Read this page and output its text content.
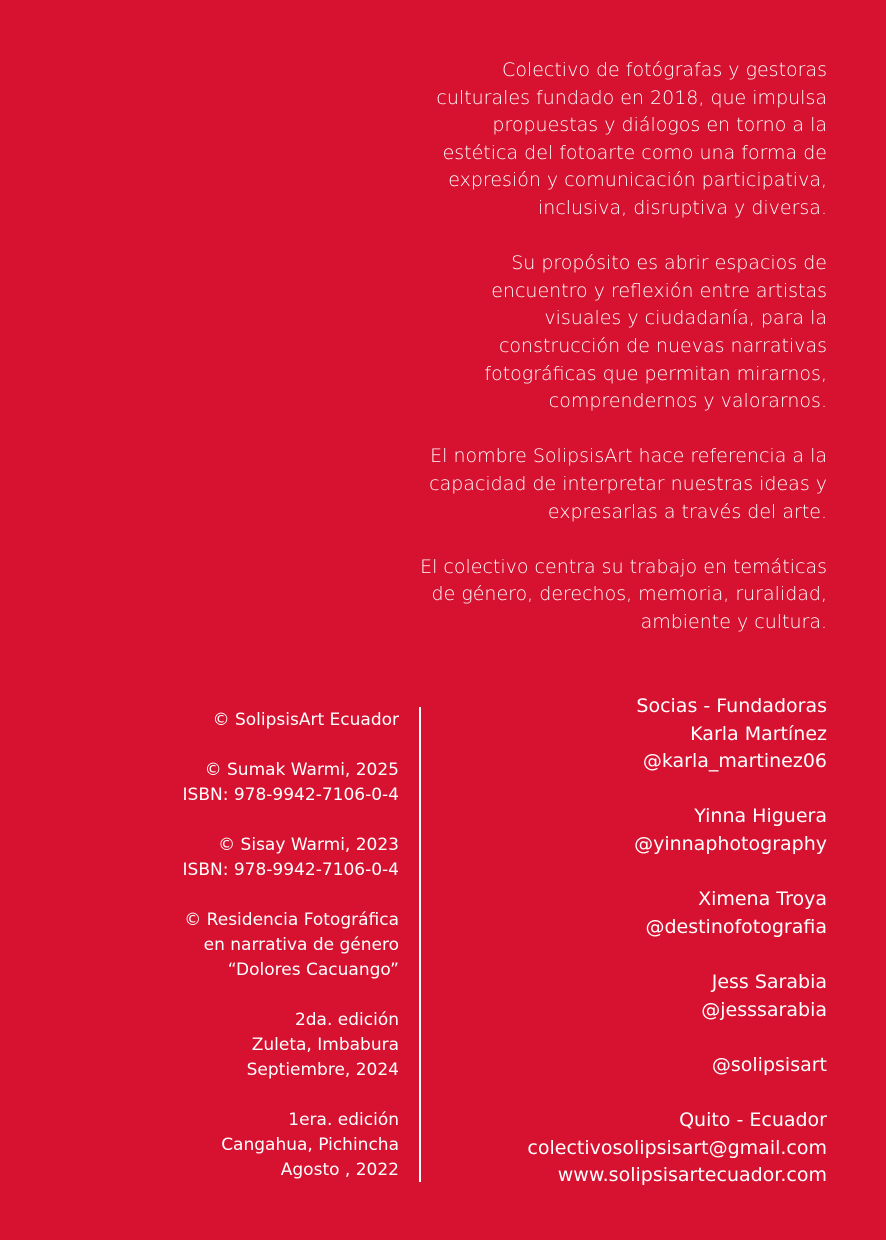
Colectivo de fotógrafas y gestoras
culturales fundado en 2018, que impulsa
propuestas y diálogos en torno a la
estética del fotoarte como una forma de
expresión y comunicación participativa,
inclusiva, disruptiva y diversa.
Su propósito es abrir espacios de
encuentro y reflexión entre artistas
visuales y ciudadanía, para la
construcción de nuevas narrativas
fotográficas que permitan mirarnos,
comprendernos y valorarnos.
El nombre SolipsisArt hace referencia a la
capacidad de interpretar nuestras ideas y
expresarlas a través del arte.
El colectivo centra su trabajo en temáticas
de género, derechos, memoria, ruralidad,
ambiente y cultura.
© SolipsisArt Ecuador
© Sumak Warmi, 2025
ISBN: 978-9942-7106-0-4
© Sisay Warmi, 2023
ISBN: 978-9942-7106-0-4
© Residencia Fotográfica
en narrativa de género
“Dolores Cacuango”
2da. edición
Zuleta, Imbabura
Septiembre, 2024
1era. edición
Cangahua, Pichincha
Agosto , 2022
Socias - Fundadoras
Karla Martínez
@karla_martinez06
Yinna Higuera
@yinnaphotography
Ximena Troya
@destinofotografia
Jess Sarabia
@jesssarabia
@solipsisart
Quito - Ecuador
colectivosolipsisart@gmail.com
www.solipsisartecuador.com
